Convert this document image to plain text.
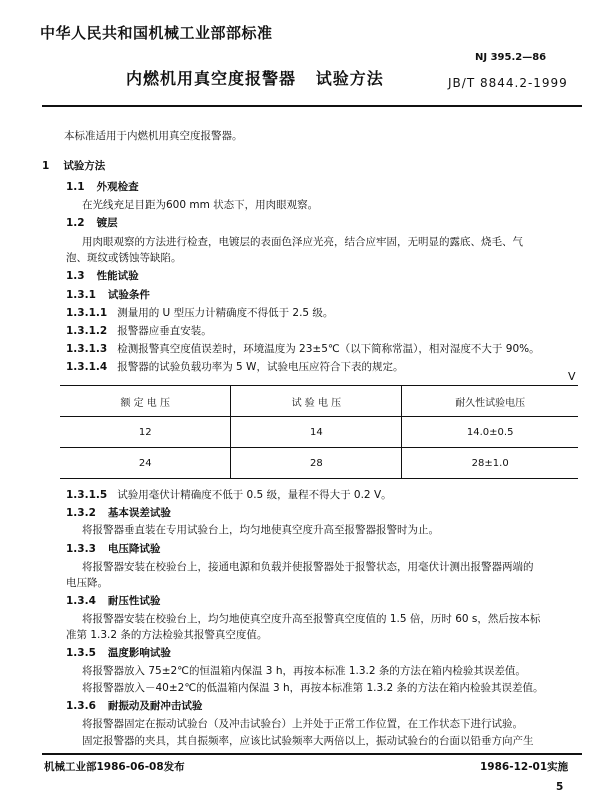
中华人民共和国机械工业部部标准
NJ 395.2—86
内燃机用真空度报警器   试验方法	JB/T 8844.2-1999
本标准适用于内燃机用真空度报警器。
1 试验方法
1.1 外观检查
在光线充足目距为600 mm 状态下，用肉眼观察。
1.2 镀层
用肉眼观察的方法进行检查，电镀层的表面色泽应光亮，结合应牢固，无明显的露底、烧毛、气
泡、斑纹或锈蚀等缺陷。
1.3 性能试验
1.3.1 试验条件
1.3.1.1 测量用的 U 型压力计精确度不得低于 2.5 级。
1.3.1.2 报警器应垂直安装。
1.3.1.3 检测报警真空度值误差时，环境温度为 23±5℃（以下简称常温），相对湿度不大于 90%。
1.3.1.4 报警器的试验负载功率为 5 W，试验电压应符合下表的规定。
V
额 定 电 压	试 验 电 压	耐久性试验电压
12	14	14.0±0.5
24	28	28±1.0
1.3.1.5 试验用毫伏计精确度不低于 0.5 级，量程不得大于 0.2 V。
1.3.2 基本误差试验
将报警器垂直装在专用试验台上，均匀地使真空度升高至报警器报警时为止。
1.3.3 电压降试验
将报警器安装在校验台上，接通电源和负载并使报警器处于报警状态，用毫伏计测出报警器两端的
电压降。
1.3.4 耐压性试验
将报警器安装在校验台上，均匀地使真空度升高至报警真空度值的 1.5 倍，历时 60 s，然后按本标
准第 1.3.2 条的方法检验其报警真空度值。
1.3.5 温度影响试验
将报警器放入 75±2℃的恒温箱内保温 3 h，再按本标准 1.3.2 条的方法在箱内检验其误差值。
将报警器放入－40±2℃的低温箱内保温 3 h，再按本标准第 1.3.2 条的方法在箱内检验其误差值。
1.3.6 耐振动及耐冲击试验
将报警器固定在振动试验台（及冲击试验台）上并处于正常工作位置，在工作状态下进行试验。
固定报警器的夹具，其自振频率，应该比试验频率大两倍以上，振动试验台的台面以铅垂方向产生
机械工业部1986-06-08发布	1986-12-01实施
5
